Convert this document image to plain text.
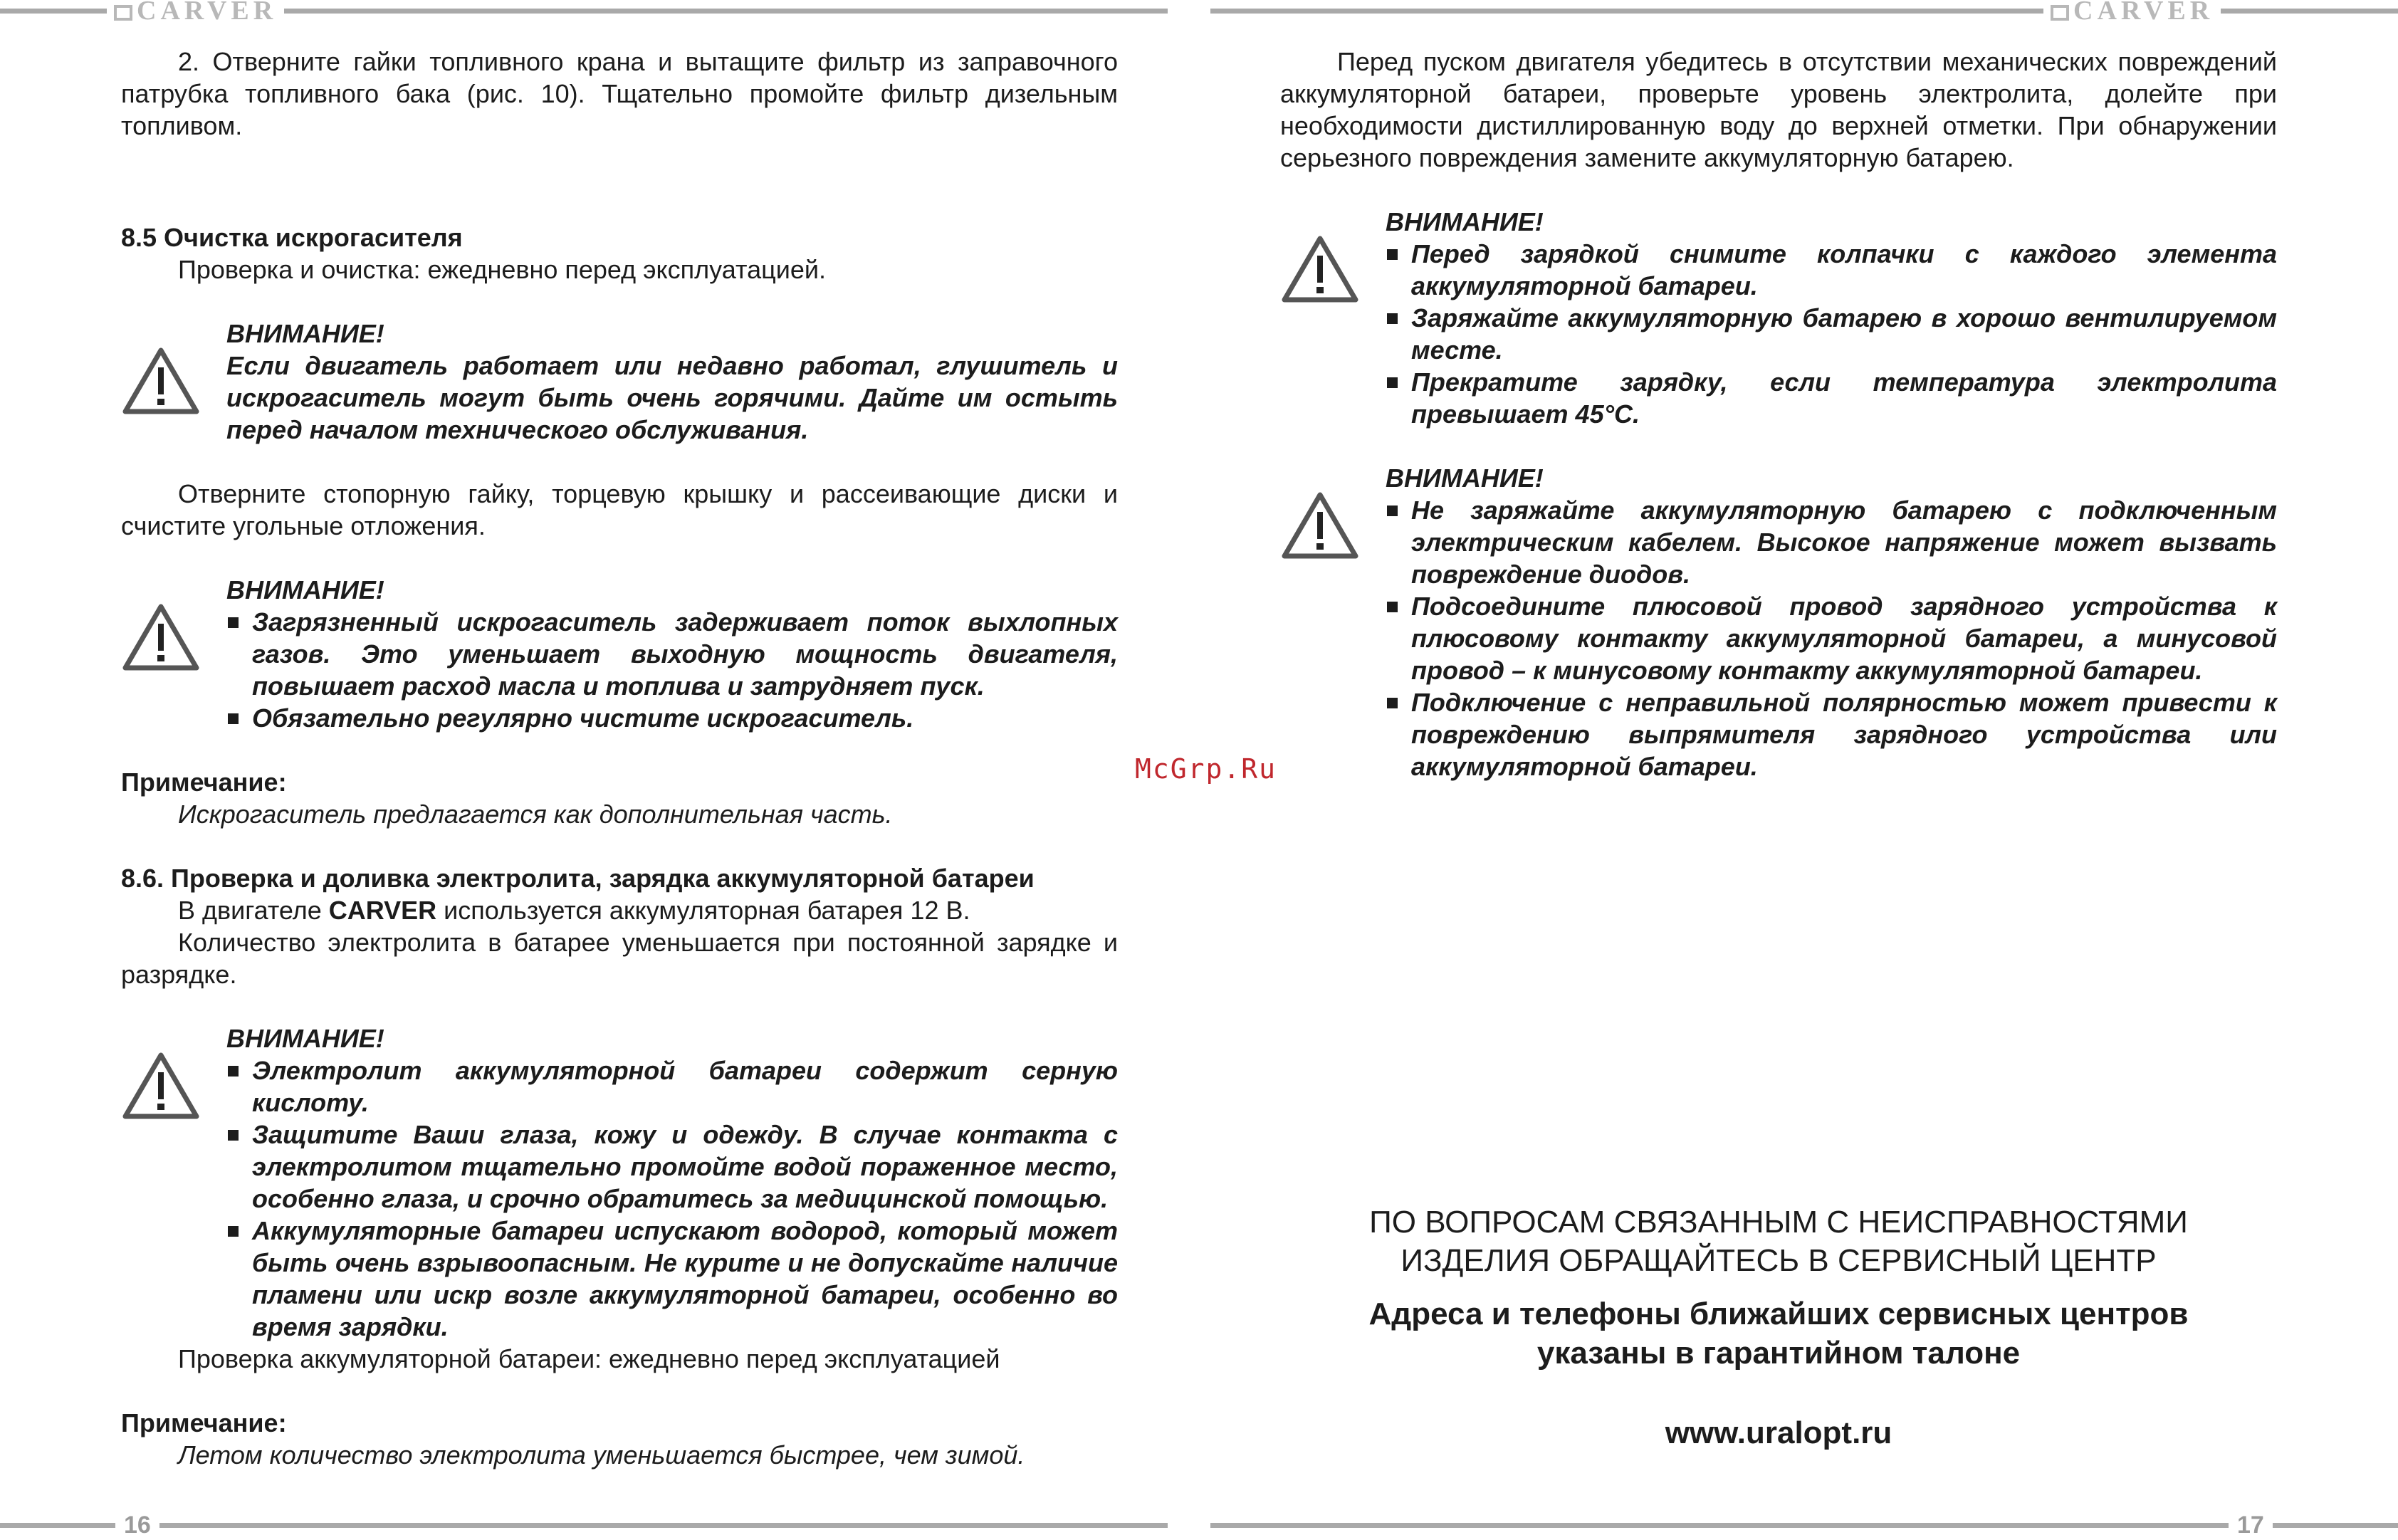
CARVER	CARVER
16	17

2. Отверните гайки топливного крана и вытащите фильтр из заправочного патрубка топливного бака (рис. 10). Тщательно промойте фильтр дизельным топливом.

8.5 Очистка искрогасителя

Проверка и очистка: ежедневно перед эксплуатацией.

ВНИМАНИЕ!

Если двигатель работает или недавно работал, глушитель и искрогаситель могут быть очень горячими. Дайте им остыть перед началом технического обслуживания.

Отверните стопорную гайку, торцевую крышку и рассеивающие диски и счистите угольные отложения.

ВНИМАНИЕ!

Загрязненный искрогаситель задерживает поток выхлопных газов. Это уменьшает выходную мощность двигателя, повышает расход масла и топлива и затрудняет пуск.
Обязательно регулярно чистите искрогаситель.

Примечание:

Искрогаситель предлагается как дополнительная часть.

8.6. Проверка и доливка электролита, зарядка аккумуляторной батареи

В двигателе CARVER используется аккумуляторная батарея 12 В.

Количество электролита в батарее уменьшается при постоянной зарядке и разрядке.

ВНИМАНИЕ!

Электролит аккумуляторной батареи содержит серную кислоту.
Защитите Ваши глаза, кожу и одежду. В случае контакта с электролитом тщательно промойте водой пораженное место, особенно глаза, и срочно обратитесь за медицинской помощью.
Аккумуляторные батареи испускают водород, который может быть очень взрывоопасным. Не курите и не допускайте наличие пламени или искр возле аккумуляторной батареи, особенно во время зарядки.

Проверка аккумуляторной батареи: ежедневно перед эксплуатацией

Примечание:

Летом количество электролита уменьшается быстрее, чем зимой.

McGrp.Ru

Перед пуском двигателя убедитесь в отсутствии механических повреждений аккумуляторной батареи, проверьте уровень электролита, долейте при необходимости дистиллированную воду до верхней отметки. При обнаружении серьезного повреждения замените аккумуляторную батарею.

ВНИМАНИЕ!

Перед зарядкой снимите колпачки с каждого элемента аккумуляторной батареи.
Заряжайте аккумуляторную батарею в хорошо вентилируемом месте.
Прекратите зарядку, если температура электролита превышает 45°C.

ВНИМАНИЕ!

Не заряжайте аккумуляторную батарею с подключенным электрическим кабелем. Высокое напряжение может вызвать повреждение диодов.
Подсоедините плюсовой провод зарядного устройства к плюсовому контакту аккумуляторной батареи, а минусовой провод – к минусовому контакту аккумуляторной батареи.
Подключение с неправильной полярностью может привести к повреждению выпрямителя зарядного устройства или аккумуляторной батареи.
ПО ВОПРОСАМ СВЯЗАННЫМ С НЕИСПРАВНОСТЯМИ
ИЗДЕЛИЯ ОБРАЩАЙТЕСЬ В СЕРВИСНЫЙ ЦЕНТР
Адреса и телефоны ближайших сервисных центров
указаны в гарантийном талоне
www.uralopt.ru
